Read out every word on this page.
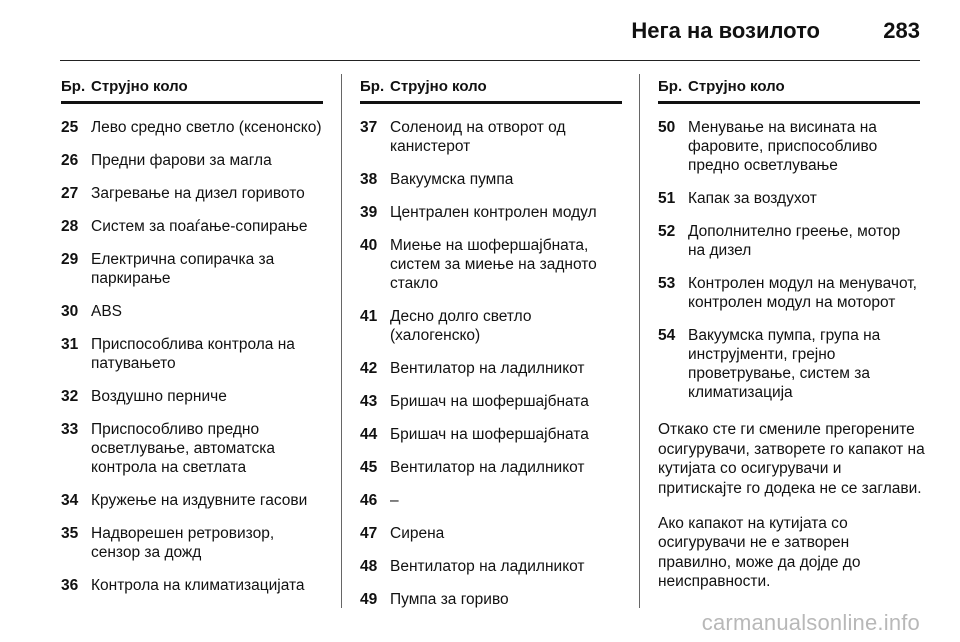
Нега на возилото	283
Бр. Струјно коло
25 Лево средно светло (ксенонско)
26 Предни фарови за магла
27 Загревање на дизел горивото
28 Систем за поаѓање-сопирање
29 Електрична сопирачка за паркирање
30 ABS
31 Приспособлива контрола на патувањето
32 Воздушно перниче
33 Приспособливо предно осветлување, автоматска контрола на светлата
34 Кружење на издувните гасови
35 Надворешен ретровизор, сензор за дожд
36 Контрола на климатизацијата
Бр. Струјно коло
37 Соленоид на отворот од канистерот
38 Вакуумска пумпа
39 Централен контролен модул
40 Миење на шофершајбната, систем за миење на задното стакло
41 Десно долго светло (халогенско)
42 Вентилатор на ладилникот
43 Бришач на шофершајбната
44 Бришач на шофершајбната
45 Вентилатор на ладилникот
46 –
47 Сирена
48 Вентилатор на ладилникот
49 Пумпа за гориво
Бр. Струјно коло
50 Менување на висината на фаровите, приспособливо предно осветлување
51 Капак за воздухот
52 Дополнително греење, мотор на дизел
53 Контролен модул на менувачот, контролен модул на моторот
54 Вакуумска пумпа, група на инструјменти, грејно проветрување, систем за климатизација

Откако сте ги смениле прегорените осигурувачи, затворете го капакот на кутијата со осигурувачи и притискајте го додека не се заглави.

Ако капакот на кутијата со осигурувачи не е затворен правилно, може да дојде до неисправности.

carmanualsonline.info
